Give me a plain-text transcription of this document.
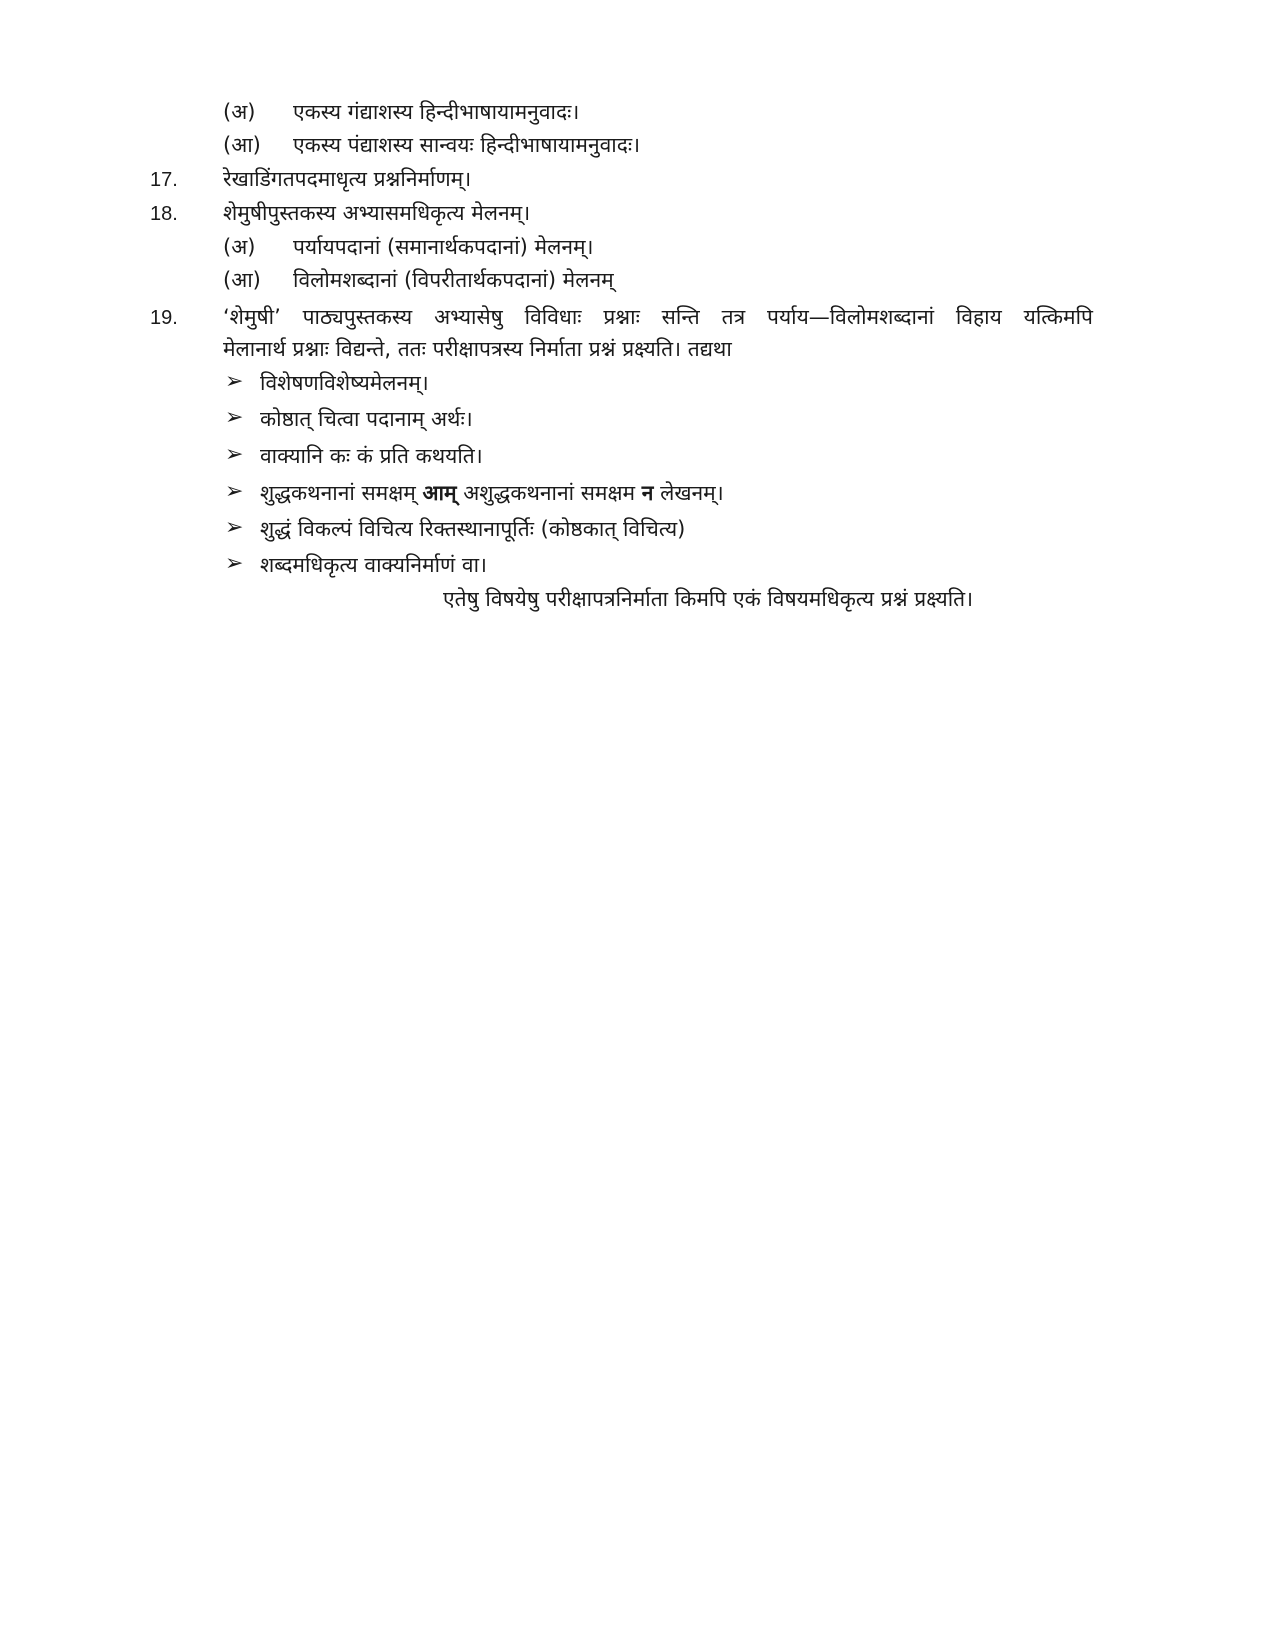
(अ) एकस्य गंद्याशस्य हिन्दीभाषायामनुवादः।
(आ) एकस्य पंद्याशस्य सान्वयः हिन्दीभाषायामनुवादः।
17. रेखाडिंगतपदमाधृत्य प्रश्ननिर्माणम्।
18. शेमुषीपुस्तकस्य अभ्यासमधिकृत्य मेलनम्।
(अ) पर्यायपदानां (समानार्थकपदानां) मेलनम्।
(आ) विलोमशब्दानां (विपरीतार्थकपदानां) मेलनम्
19. ‘शेमुषी’ पाठ्यपुस्तकस्य अभ्यासेषु विविधाः प्रश्नाः सन्ति तत्र पर्याय—विलोमशब्दानां विहाय यत्किमपि
मेलानार्थ प्रश्नाः विद्यन्ते, ततः परीक्षापत्रस्य निर्माता प्रश्नं प्रक्ष्यति। तद्यथा
➢ विशेषणविशेष्यमेलनम्।
➢ कोष्ठात् चित्वा पदानाम् अर्थः।
➢ वाक्यानि कः कं प्रति कथयति।
➢ शुद्धकथनानां समक्षम् आम् अशुद्धकथनानां समक्षम न लेखनम्।
➢ शुद्धं विकल्पं विचित्य रिक्तस्थानापूर्तिः (कोष्ठकात् विचित्य)
➢ शब्दमधिकृत्य वाक्यनिर्माणं वा।
एतेषु विषयेषु परीक्षापत्रनिर्माता किमपि एकं विषयमधिकृत्य प्रश्नं प्रक्ष्यति।
